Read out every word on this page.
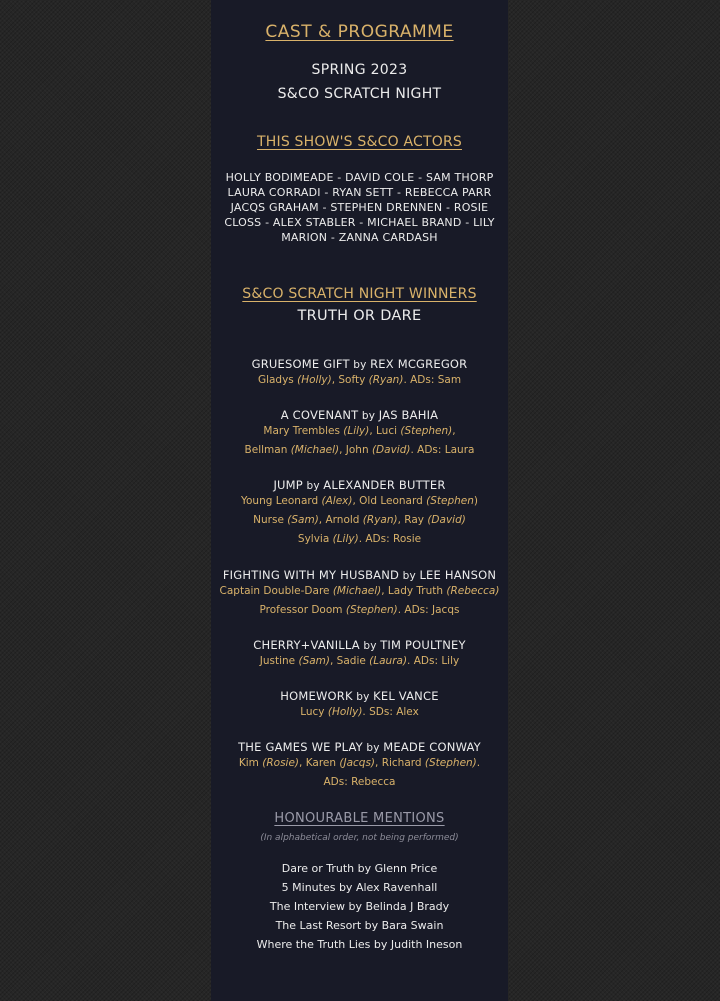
CAST & PROGRAMME
SPRING 2023
S&CO SCRATCH NIGHT
THIS SHOW'S S&CO ACTORS
HOLLY BODIMEADE - DAVID COLE - SAM THORP
LAURA CORRADI - RYAN SETT - REBECCA PARR
JACQS GRAHAM - STEPHEN DRENNEN - ROSIE
CLOSS - ALEX STABLER - MICHAEL BRAND - LILY
MARION - ZANNA CARDASH
S&CO SCRATCH NIGHT WINNERS
TRUTH OR DARE
GRUESOME GIFT by REX MCGREGOR
Gladys (Holly), Softy (Ryan). ADs: Sam
A COVENANT by JAS BAHIA
Mary Trembles (Lily), Luci (Stephen),
Bellman (Michael), John (David). ADs: Laura
JUMP by ALEXANDER BUTTER
Young Leonard (Alex), Old Leonard (Stephen)
Nurse (Sam), Arnold (Ryan), Ray (David)
Sylvia (Lily). ADs: Rosie
FIGHTING WITH MY HUSBAND by LEE HANSON
Captain Double-Dare (Michael), Lady Truth (Rebecca)
Professor Doom (Stephen). ADs: Jacqs
CHERRY+VANILLA by TIM POULTNEY
Justine (Sam), Sadie (Laura). ADs: Lily
HOMEWORK by KEL VANCE
Lucy (Holly). SDs: Alex
THE GAMES WE PLAY by MEADE CONWAY
Kim (Rosie), Karen (Jacqs), Richard (Stephen).
ADs: Rebecca
HONOURABLE MENTIONS
(In alphabetical order, not being performed)
Dare or Truth by Glenn Price
5 Minutes by Alex Ravenhall
The Interview by Belinda J Brady
The Last Resort by Bara Swain
Where the Truth Lies by Judith Ineson
